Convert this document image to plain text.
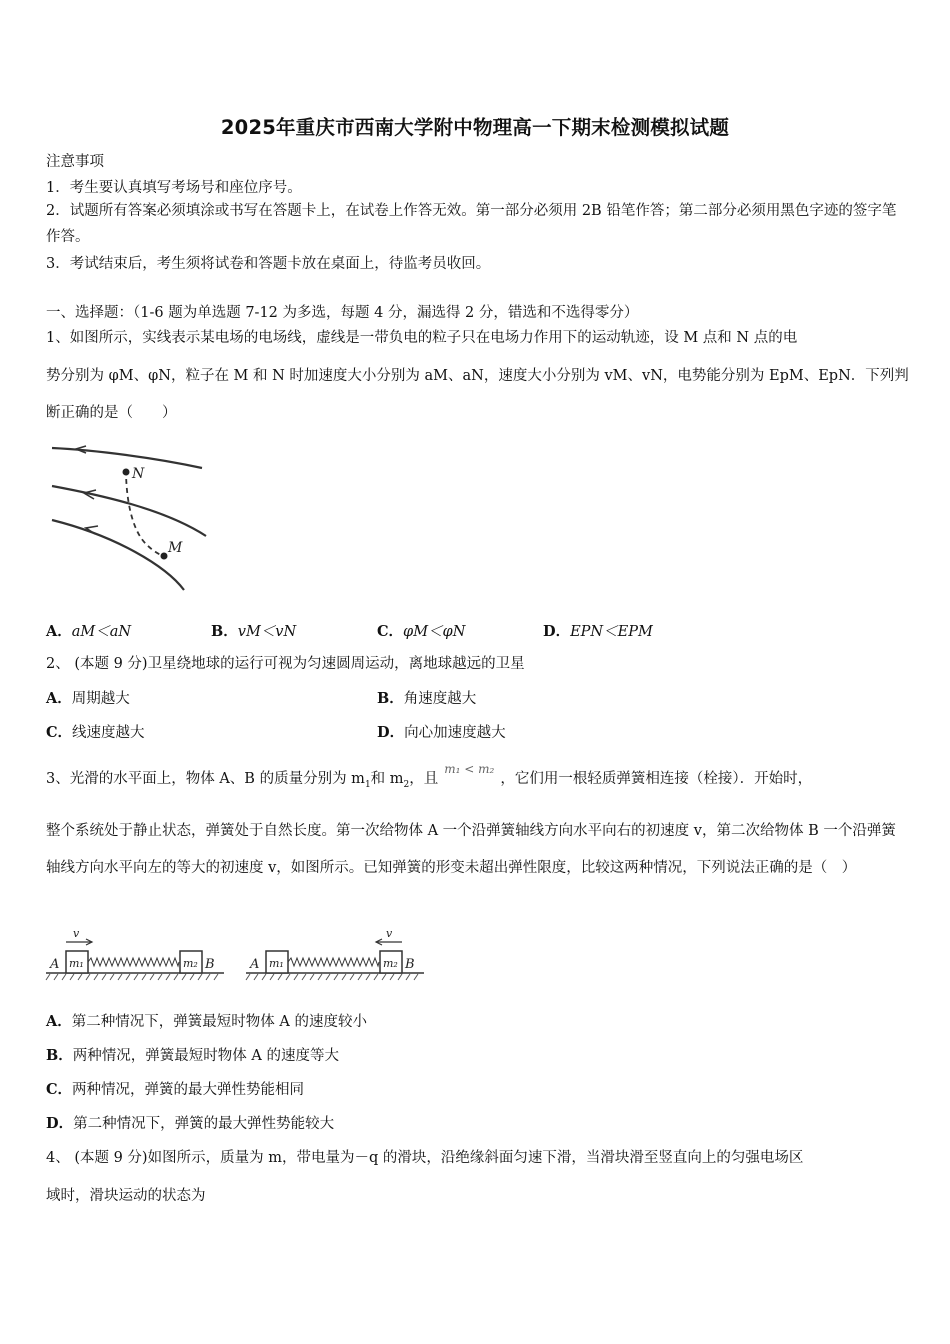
2025年重庆市西南大学附中物理高一下期末检测模拟试题
注意事项
1．考生要认真填写考场号和座位序号。
2．试题所有答案必须填涂或书写在答题卡上，在试卷上作答无效。第一部分必须用 2B 铅笔作答；第二部分必须用黑色字迹的签字笔作答。
3．考试结束后，考生须将试卷和答题卡放在桌面上，待监考员收回。
一、选择题：（1-6 题为单选题 7-12 为多选，每题 4 分，漏选得 2 分，错选和不选得零分）
1、如图所示，实线表示某电场的电场线，虚线是一带负电的粒子只在电场力作用下的运动轨迹，设 M 点和 N 点的电
势分别为 φM、φN，粒子在 M 和 N 时加速度大小分别为 aM、aN，速度大小分别为 vM、vN，电势能分别为 EpM、EpN．下列判
断正确的是（　　）
N
M
A．aM＜aN	B．vM＜vN	C．φM＜φN	D．EPN＜EPM
2、 (本题 9 分)卫星绕地球的运行可视为匀速圆周运动，离地球越远的卫星
A．周期越大	B．角速度越大
C．线速度越大	D．向心加速度越大
3、光滑的水平面上，物体 A、B 的质量分别为 $m_1$和 $m_2$，且$^{m_1 < m_2}$，它们用一根轻质弹簧相连接（栓接）．开始时，
整个系统处于静止状态，弹簧处于自然长度。第一次给物体 A 一个沿弹簧轴线方向水平向右的初速度 v，第二次给物体 B 一个沿弹簧轴线方向水平向左的等大的初速度 v，如图所示。已知弹簧的形变未超出弹性限度，比较这两种情况，下列说法正确的是（　）
v
A m₁	m₂ B
v
A m₁	m₂ B
A．第二种情况下，弹簧最短时物体 A 的速度较小
B．两种情况，弹簧最短时物体 A 的速度等大
C．两种情况，弹簧的最大弹性势能相同
D．第二种情况下，弹簧的最大弹性势能较大
4、 (本题 9 分)如图所示，质量为 m，带电量为－q 的滑块，沿绝缘斜面匀速下滑，当滑块滑至竖直向上的匀强电场区
域时，滑块运动的状态为
